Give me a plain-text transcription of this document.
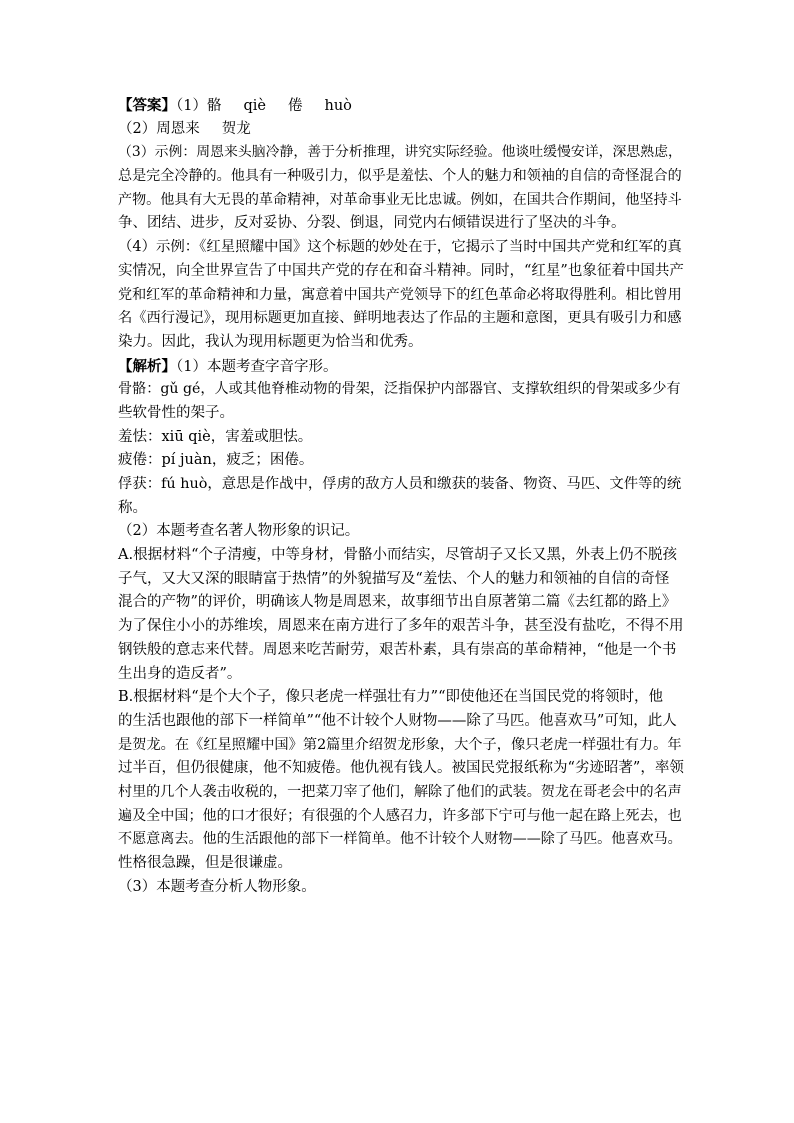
【答案】（1）骼 qiè 倦 huò
（2）周恩来 贺龙
（3）示例：周恩来头脑冷静，善于分析推理，讲究实际经验。他谈吐缓慢安详，深思熟虑，
总是完全冷静的。他具有一种吸引力，似乎是羞怯、个人的魅力和领袖的自信的奇怪混合的
产物。他具有大无畏的革命精神，对革命事业无比忠诚。例如，在国共合作期间，他坚持斗
争、团结、进步，反对妥协、分裂、倒退，同党内右倾错误进行了坚决的斗争。
（4）示例：《红星照耀中国》这个标题的妙处在于，它揭示了当时中国共产党和红军的真
实情况，向全世界宣告了中国共产党的存在和奋斗精神。同时，“红星”也象征着中国共产
党和红军的革命精神和力量，寓意着中国共产党领导下的红色革命必将取得胜利。相比曾用
名《西行漫记》，现用标题更加直接、鲜明地表达了作品的主题和意图，更具有吸引力和感
染力。因此，我认为现用标题更为恰当和优秀。
【解析】（1）本题考查字音字形。
骨骼：gǔ gé，人或其他脊椎动物的骨架，泛指保护内部器官、支撑软组织的骨架或多少有
些软骨性的架子。
羞怯：xiū qiè，害羞或胆怯。
疲倦：pí juàn，疲乏；困倦。
俘获：fú huò，意思是作战中，俘虏的敌方人员和缴获的装备、物资、马匹、文件等的统
称。
（2）本题考查名著人物形象的识记。
A.根据材料“个子清瘦，中等身材，骨骼小而结实，尽管胡子又长又黑，外表上仍不脱孩
子气，又大又深的眼睛富于热情”的外貌描写及“羞怯、个人的魅力和领袖的自信的奇怪
混合的产物”的评价，明确该人物是周恩来，故事细节出自原著第二篇《去红都的路上》
为了保住小小的苏维埃，周恩来在南方进行了多年的艰苦斗争，甚至没有盐吃，不得不用
钢铁般的意志来代替。周恩来吃苦耐劳，艰苦朴素，具有崇高的革命精神，“他是一个书
生出身的造反者”。
B.根据材料“是个大个子，像只老虎一样强壮有力”“即使他还在当国民党的将领时，他
的生活也跟他的部下一样简单”“他不计较个人财物——除了马匹。他喜欢马”可知，此人
是贺龙。在《红星照耀中国》第2篇里介绍贺龙形象，大个子，像只老虎一样强壮有力。年
过半百，但仍很健康，他不知疲倦。他仇视有钱人。被国民党报纸称为“劣迹昭著”，率领
村里的几个人袭击收税的，一把菜刀宰了他们，解除了他们的武装。贺龙在哥老会中的名声
遍及全中国；他的口才很好；有很强的个人感召力，许多部下宁可与他一起在路上死去，也
不愿意离去。他的生活跟他的部下一样简单。他不计较个人财物——除了马匹。他喜欢马。
性格很急躁，但是很谦虚。
（3）本题考查分析人物形象。
